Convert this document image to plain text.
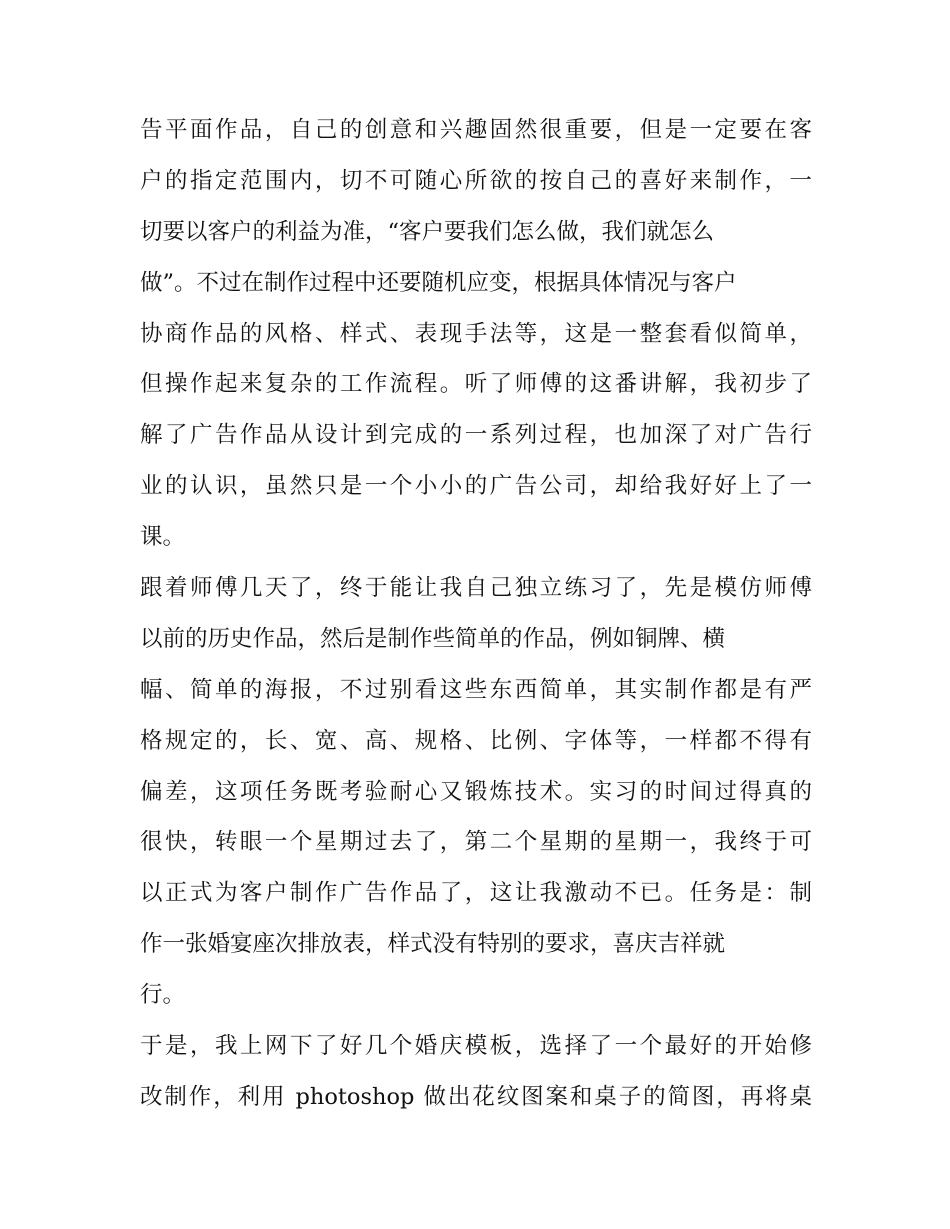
告平面作品，自己的创意和兴趣固然很重要，但是一定要在客
户的指定范围内，切不可随心所欲的按自己的喜好来制作，一
切要以客户的利益为准，“客户要我们怎么做，我们就怎么
做”。不过在制作过程中还要随机应变，根据具体情况与客户
协商作品的风格、样式、表现手法等，这是一整套看似简单，
但操作起来复杂的工作流程。听了师傅的这番讲解，我初步了
解了广告作品从设计到完成的一系列过程，也加深了对广告行
业的认识，虽然只是一个小小的广告公司，却给我好好上了一
课。
跟着师傅几天了，终于能让我自己独立练习了，先是模仿师傅
以前的历史作品，然后是制作些简单的作品，例如铜牌、横
幅、简单的海报，不过别看这些东西简单，其实制作都是有严
格规定的，长、宽、高、规格、比例、字体等，一样都不得有
偏差，这项任务既考验耐心又锻炼技术。实习的时间过得真的
很快，转眼一个星期过去了，第二个星期的星期一，我终于可
以正式为客户制作广告作品了，这让我激动不已。任务是：制
作一张婚宴座次排放表，样式没有特别的要求，喜庆吉祥就
行。
于是，我上网下了好几个婚庆模板，选择了一个最好的开始修
改制作，利用 photoshop 做出花纹图案和桌子的简图，再将桌
